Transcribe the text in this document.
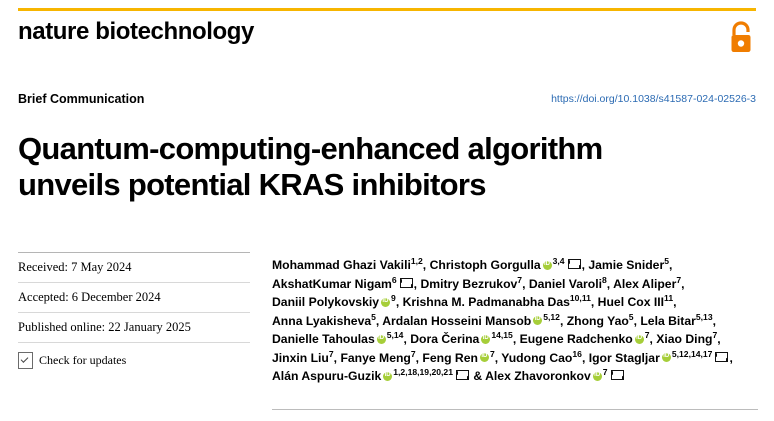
nature biotechnology
Brief Communication	https://doi.org/10.1038/s41587-024-02526-3
Quantum-computing-enhanced algorithm
unveils potential KRAS inhibitors
Received: 7 May 2024
Accepted: 6 December 2024
Published online: 22 January 2025
Check for updates
Mohammad Ghazi Vakili$^{1,2}$, Christoph Gorgulla iD $^{3,4}$ , Jamie Snider$^5$,
AkshatKumar Nigam$^6$ , Dmitry Bezrukov$^7$, Daniel Varoli$^8$, Alex Aliper$^7$,
Daniil Polykovskiy iD $^9$, Krishna M. Padmanabha Das$^{10,11}$, Huel Cox III$^{11}$,
Anna Lyakisheva$^5$, Ardalan Hosseini Mansob iD $^{5,12}$, Zhong Yao$^5$, Lela Bitar$^{5,13}$,
Danielle Tahoulas iD $^{5,14}$, Dora Čerina iD $^{14,15}$, Eugene Radchenko iD $^7$, Xiao Ding$^7$,
Jinxin Liu$^7$, Fanye Meng$^7$, Feng Ren iD $^7$, Yudong Cao$^{16}$, Igor Stagljar iD $^{5,12,14,17}$ ,
Alán Aspuru-Guzik iD $^{1,2,18,19,20,21}$ & Alex Zhavoronkov iD $^7$
